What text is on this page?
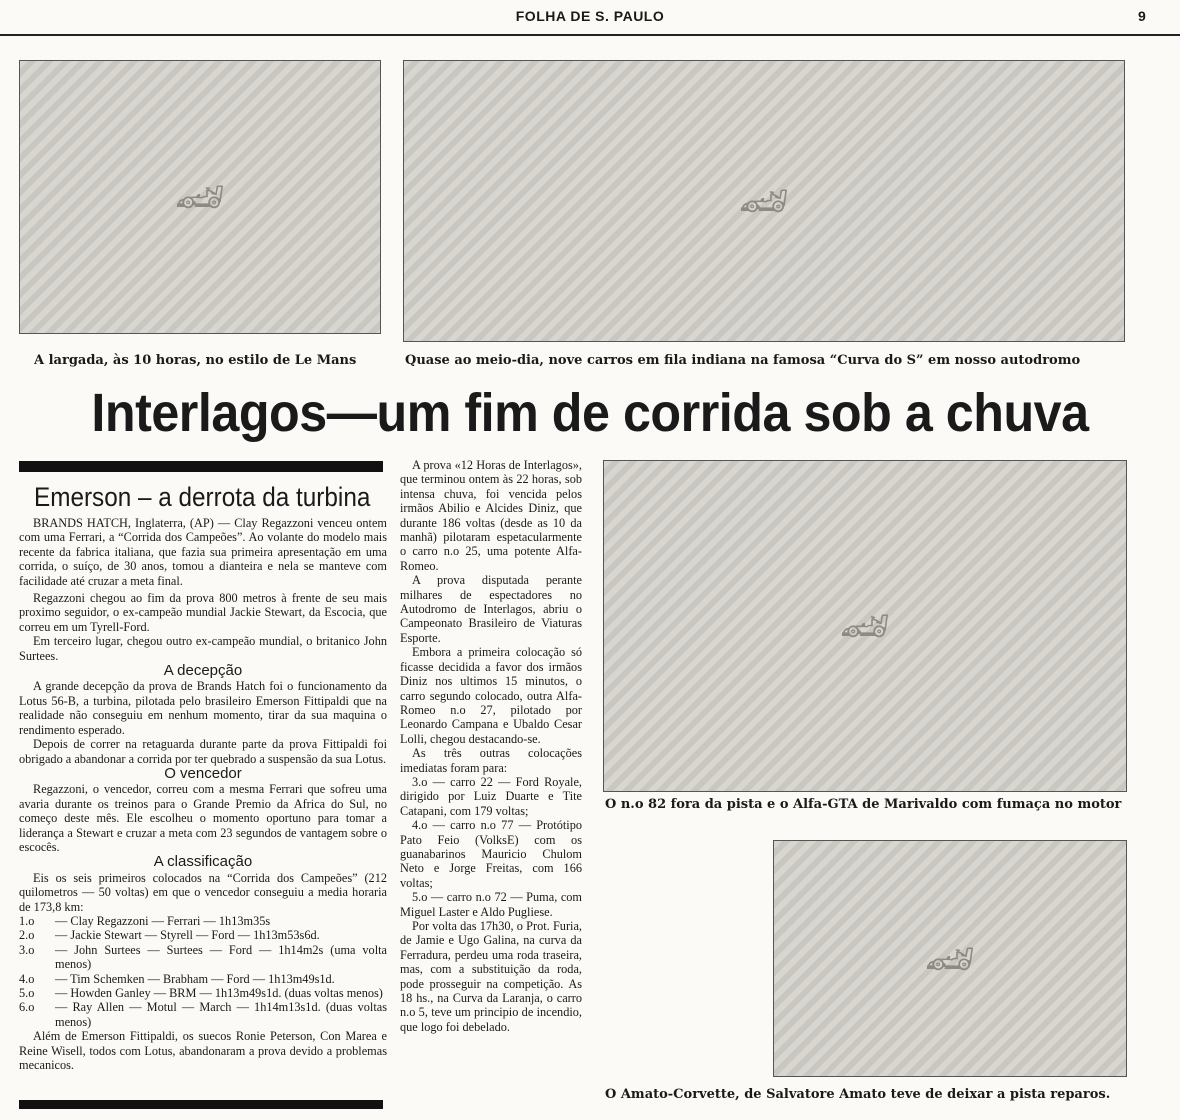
FOLHA DE S. PAULO	9
🏎
A largada, às 10 horas, no estilo de Le Mans
🏎
Quase ao meio-dia, nove carros em fila indiana na famosa “Curva do S” em nosso autodromo
Interlagos—um fim de corrida sob a chuva
Emerson – a derrota da turbina

BRANDS HATCH, Inglaterra, (AP) — Clay Regazzoni venceu ontem com uma Ferrari, a “Corrida dos Campeões”. Ao volante do modelo mais recente da fabrica italiana, que fazia sua primeira apresentação em uma corrida, o suíço, de 30 anos, tomou a dianteira e nela se manteve com facilidade até cruzar a meta final.

Regazzoni chegou ao fim da prova 800 metros à frente de seu mais proximo seguidor, o ex-campeão mundial Jackie Stewart, da Escocia, que correu em um Tyrell-Ford.

Em terceiro lugar, chegou outro ex-campeão mundial, o britanico John Surtees.

A decepção

A grande decepção da prova de Brands Hatch foi o funcionamento da Lotus 56-B, a turbina, pilotada pelo brasileiro Emerson Fittipaldi que na realidade não conseguiu em nenhum momento, tirar da sua maquina o rendimento esperado.

Depois de correr na retaguarda durante parte da prova Fittipaldi foi obrigado a abandonar a corrida por ter quebrado a suspensão da sua Lotus.

O vencedor

Regazzoni, o vencedor, correu com a mesma Ferrari que sofreu uma avaria durante os treinos para o Grande Premio da Africa do Sul, no começo deste mês. Ele escolheu o momento oportuno para tomar a liderança a Stewart e cruzar a meta com 23 segundos de vantagem sobre o escocês.

A classificação

Eis os seis primeiros colocados na “Corrida dos Campeões” (212 quilometros — 50 voltas) em que o vencedor conseguiu a media horaria de 173,8 km:

1.o	— Clay Regazzoni — Ferrari — 1h13m35s
2.o	— Jackie Stewart — Styrell — Ford — 1h13m53s6d.
3.o	— John Surtees — Surtees — Ford — 1h14m2s (uma volta menos)
4.o	— Tim Schemken — Brabham — Ford — 1h13m49s1d.
5.o	— Howden Ganley — BRM — 1h13m49s1d. (duas voltas menos)
6.o	— Ray Allen — Motul — March — 1h14m13s1d. (duas voltas menos)

Além de Emerson Fittipaldi, os suecos Ronie Peterson, Con Marea e Reine Wisell, todos com Lotus, abandonaram a prova devido a problemas mecanicos.

A prova «12 Horas de Interlagos», que terminou ontem às 22 horas, sob intensa chuva, foi vencida pelos irmãos Abilio e Alcides Diniz, que durante 186 voltas (desde as 10 da manhã) pilotaram espetacularmente o carro n.o 25, uma potente Alfa-Romeo.

A prova disputada perante milhares de espectadores no Autodromo de Interlagos, abriu o Campeonato Brasileiro de Viaturas Esporte.

Embora a primeira colocação só ficasse decidida a favor dos irmãos Diniz nos ultimos 15 minutos, o carro segundo colocado, outra Alfa-Romeo n.o 27, pilotado por Leonardo Campana e Ubaldo Cesar Lolli, chegou destacando-se.

As três outras colocações imediatas foram para:

3.o — carro 22 — Ford Royale, dirigido por Luiz Duarte e Tite Catapani, com 179 voltas;

4.o — carro n.o 77 — Protótipo Pato Feio (VolksE) com os guanabarinos Mauricio Chulom Neto e Jorge Freitas, com 166 voltas;

5.o — carro n.o 72 — Puma, com Miguel Laster e Aldo Pugliese.

Por volta das 17h30, o Prot. Furia, de Jamie e Ugo Galina, na curva da Ferradura, perdeu uma roda traseira, mas, com a substituição da roda, pode prosseguir na competição. As 18 hs., na Curva da Laranja, o carro n.o 5, teve um principio de incendio, que logo foi debelado.

🏎
O n.o 82 fora da pista e o Alfa-GTA de Marivaldo com fumaça no motor
🏎
O Amato-Corvette, de Salvatore Amato teve de deixar a pista reparos.
